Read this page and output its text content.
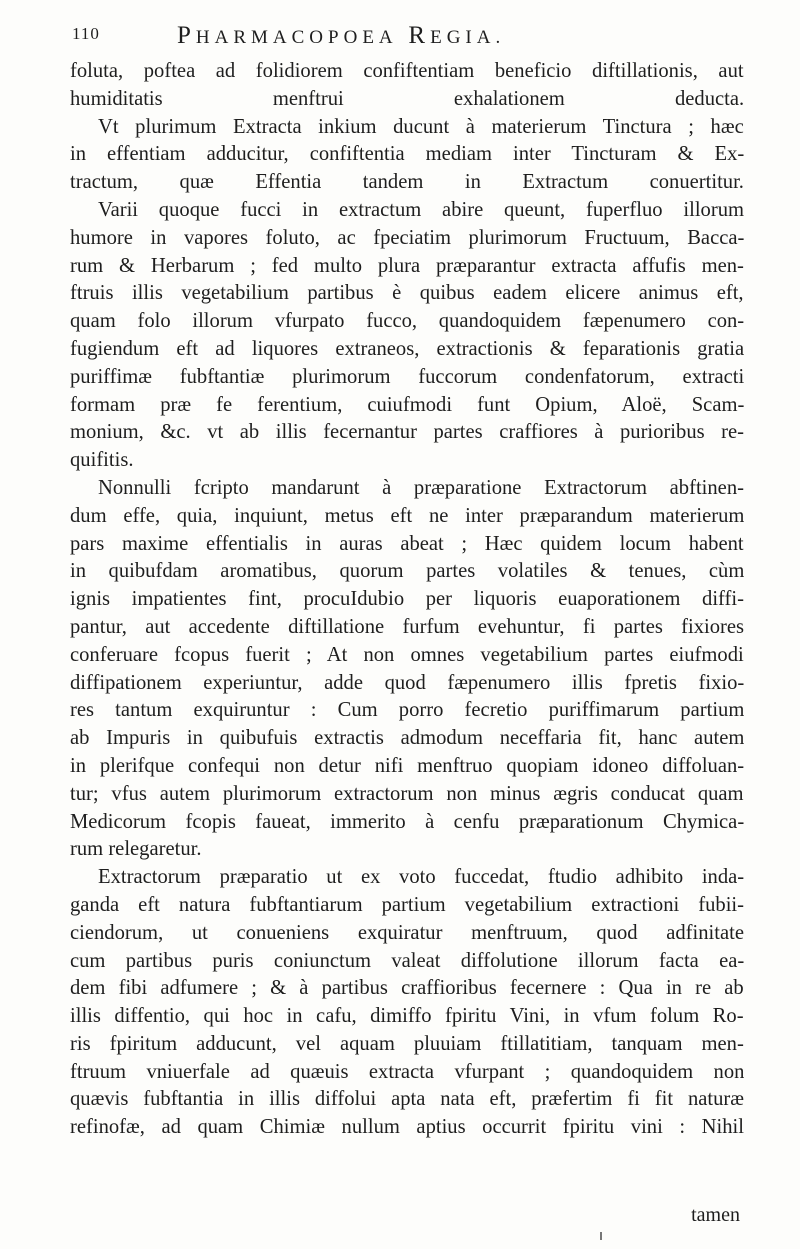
110	PHARMACOPOEA REGIA.
foluta, poftea ad folidiorem confiftentiam beneficio diftillationis, aut
humiditatis menftrui exhalationem deducta.
Vt plurimum Extracta inkium ducunt à materierum Tinctura ; hæc
in effentiam adducitur, confiftentia mediam inter Tincturam & Ex-
tractum, quæ Effentia tandem in Extractum conuertitur.
Varii quoque fucci in extractum abire queunt, fuperfluo illorum
humore in vapores foluto, ac fpeciatim plurimorum Fructuum, Bacca-
rum & Herbarum ; fed multo plura præparantur extracta affufis men-
ftruis illis vegetabilium partibus è quibus eadem elicere animus eft,
quam folo illorum vfurpato fucco, quandoquidem fæpenumero con-
fugiendum eft ad liquores extraneos, extractionis & feparationis gratia
puriffimæ fubftantiæ plurimorum fuccorum condenfatorum, extracti
formam præ fe ferentium, cuiufmodi funt Opium, Aloë, Scam-
monium, &c. vt ab illis fecernantur partes craffiores à purioribus re-
quifitis.
Nonnulli fcripto mandarunt à præparatione Extractorum abftinen-
dum effe, quia, inquiunt, metus eft ne inter præparandum materierum
pars maxime effentialis in auras abeat ; Hæc quidem locum habent
in quibufdam aromatibus, quorum partes volatiles & tenues, cùm
ignis impatientes fint, procuIdubio per liquoris euaporationem diffi-
pantur, aut accedente diftillatione furfum evehuntur, fi partes fixiores
conferuare fcopus fuerit ; At non omnes vegetabilium partes eiufmodi
diffipationem experiuntur, adde quod fæpenumero illis fpretis fixio-
res tantum exquiruntur : Cum porro fecretio puriffimarum partium
ab Impuris in quibufuis extractis admodum neceffaria fit, hanc autem
in plerifque confequi non detur nifi menftruo quopiam idoneo diffoluan-
tur; vfus autem plurimorum extractorum non minus ægris conducat quam
Medicorum fcopis faueat, immerito à cenfu præparationum Chymica-
rum relegaretur.
Extractorum præparatio ut ex voto fuccedat, ftudio adhibito inda-
ganda eft natura fubftantiarum partium vegetabilium extractioni fubii-
ciendorum, ut conueniens exquiratur menftruum, quod adfinitate
cum partibus puris coniunctum valeat diffolutione illorum facta ea-
dem fibi adfumere ; & à partibus craffioribus fecernere : Qua in re ab
illis diffentio, qui hoc in cafu, dimiffo fpiritu Vini, in vfum folum Ro-
ris fpiritum adducunt, vel aquam pluuiam ftillatitiam, tanquam men-
ftruum vniuerfale ad quæuis extracta vfurpant ; quandoquidem non
quævis fubftantia in illis diffolui apta nata eft, præfertim fi fit naturæ
refinofæ, ad quam Chimiæ nullum aptius occurrit fpiritu vini : Nihil
tamen
